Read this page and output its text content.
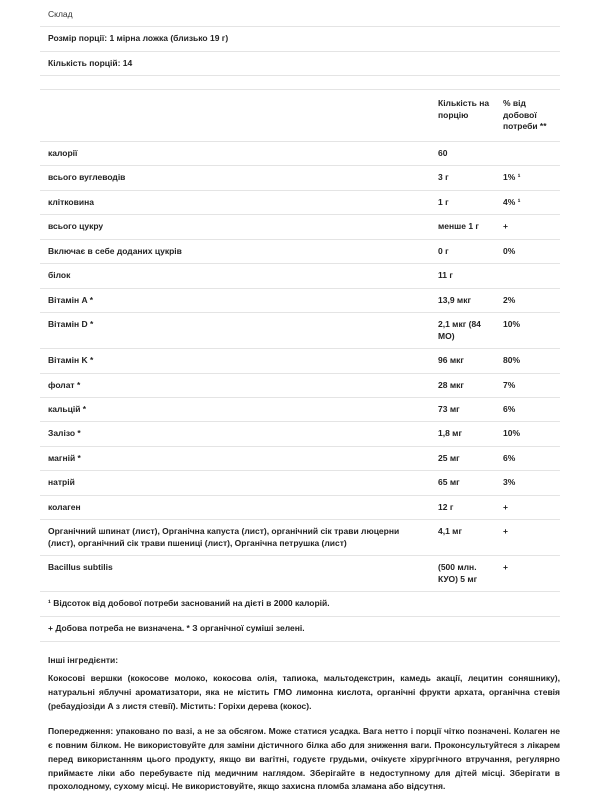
Склад
Розмір порції: 1 мірна ложка (близько 19 г)
Кількість порцій: 14
	Кількість на порцію	% від добової потреби **
калорії	60	
всього вуглеводів	3 г	1% ¹
клітковина	1 г	4% ¹
всього цукру	менше 1 г	+
Включає в себе доданих цукрів	0 г	0%
білок	11 г	
Вітамін A *	13,9 мкг	2%
Вітамін D *	2,1 мкг (84 МО)	10%
Вітамін K *	96 мкг	80%
фолат *	28 мкг	7%
кальцій *	73 мг	6%
Залізо *	1,8 мг	10%
магній *	25 мг	6%
натрій	65 мг	3%
колаген	12 г	+
Органічний шпинат (лист), Органічна капуста (лист), органічний сік трави люцерни (лист), органічний сік трави пшениці (лист), Органічна петрушка (лист)	4,1 мг	+
Bacillus subtilis	(500 млн. КУО) 5 мг	+
¹ Відсоток від добової потреби заснований на дієті в 2000 калорій.
+ Добова потреба не визначена. * З органічної суміші зелені.
Інші інгредієнти:
Кокосові вершки (кокосове молоко, кокосова олія, тапиока, мальтодекстрин, камедь акації, лецитин соняшнику), натуральні яблучні ароматизатори, яка не містить ГМО лимонна кислота, органічні фрукти архата, органічна стевія (ребаудіозіди A з листя стевії). Містить: Горіхи дерева (кокос).
Попередження: упаковано по вазі, а не за обсягом. Може статися усадка. Вага нетто і порції чітко позначені. Колаген не є повним білком. Не використовуйте для заміни дістичного білка або для зниження ваги. Проконсультуйтеся з лікарем перед використанням цього продукту, якщо ви вагітні, годуєте грудьми, очікуєте хірургічного втручання, регулярно приймаєте ліки або перебуваєте під медичним наглядом. Зберігайте в недоступному для дітей місці. Зберігати в прохолодному, сухому місці. Не використовуйте, якщо захисна пломба зламана або відсутня.
